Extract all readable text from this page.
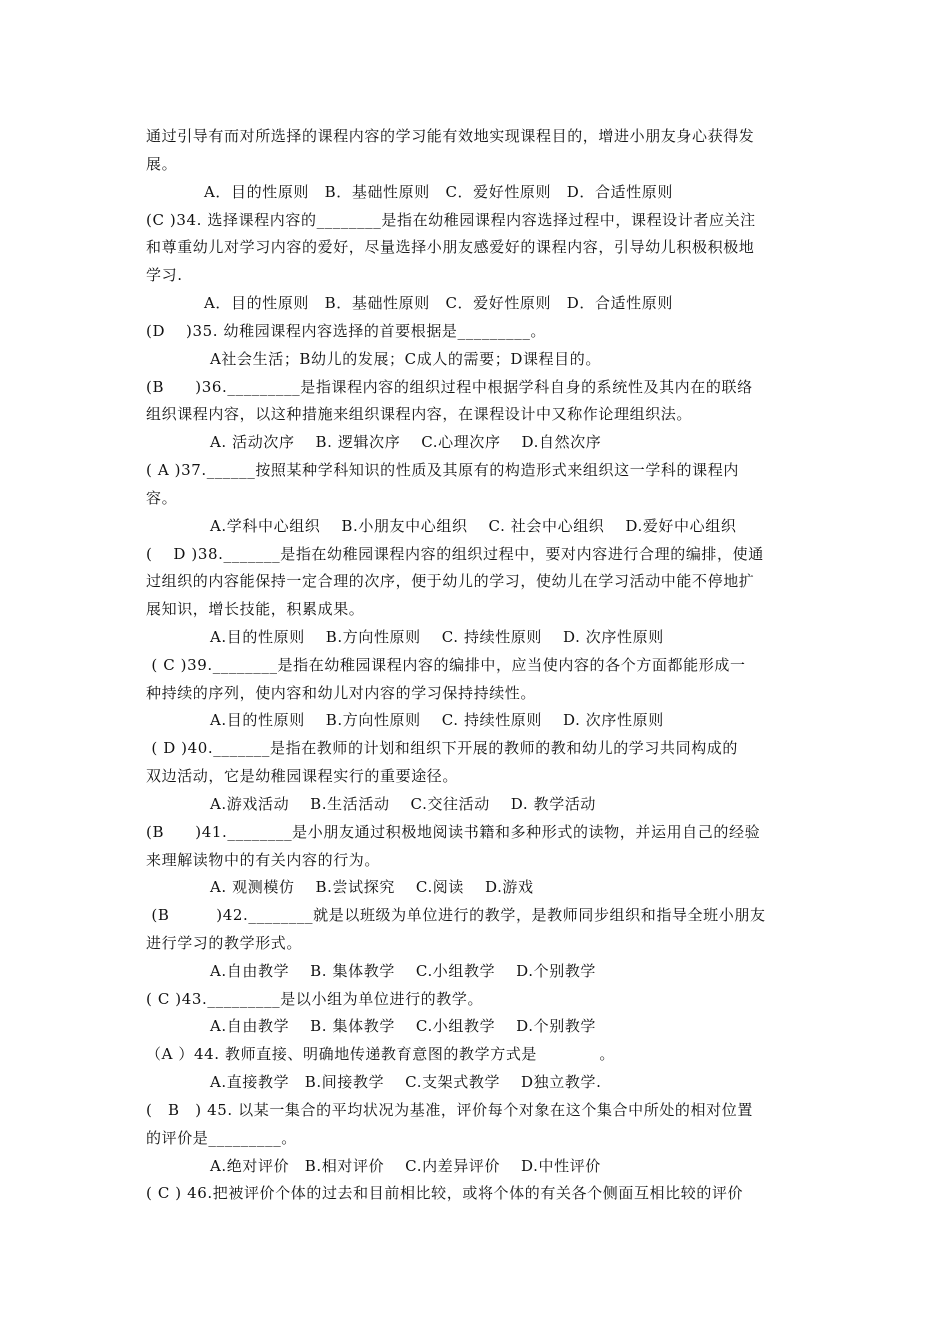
通过引导有而对所选择的课程内容的学习能有效地实现课程目的，增进小朋友身心获得发
展。
A．目的性原则　B．基础性原则　C．爱好性原则　D．合适性原则
(C )34. 选择课程内容的________是指在幼稚园课程内容选择过程中，课程设计者应关注
和尊重幼儿对学习内容的爱好，尽量选择小朋友感爱好的课程内容，引导幼儿积极积极地
学习.
A．目的性原则　B．基础性原则　C．爱好性原则　D．合适性原则
(D　 )35. 幼稚园课程内容选择的首要根据是_________。
A社会生活；B幼儿的发展；C成人的需要；D课程目的。
(B　　)36._________是指课程内容的组织过程中根据学科自身的系统性及其内在的联络
组织课程内容，以这种措施来组织课程内容，在课程设计中又称作论理组织法。
A. 活动次序　 B. 逻辑次序　 C.心理次序　 D.自然次序
( A )37.______按照某种学科知识的性质及其原有的构造形式来组织这一学科的课程内
容。
A.学科中心组织　 B.小朋友中心组织　 C. 社会中心组织　 D.爱好中心组织
(　 D )38._______是指在幼稚园课程内容的组织过程中，要对内容进行合理的编排，使通
过组织的内容能保持一定合理的次序，便于幼儿的学习，使幼儿在学习活动中能不停地扩
展知识，增长技能，积累成果。
A.目的性原则　 B.方向性原则　 C. 持续性原则　 D. 次序性原则
( C )39.________是指在幼稚园课程内容的编排中，应当使内容的各个方面都能形成一
种持续的序列，使内容和幼儿对内容的学习保持持续性。
A.目的性原则　 B.方向性原则　 C. 持续性原则　 D. 次序性原则
( D )40._______是指在教师的计划和组织下开展的教师的教和幼儿的学习共同构成的
双边活动，它是幼稚园课程实行的重要途径。
A.游戏活动　 B.生活活动　 C.交往活动　 D. 教学活动
(B　　)41.________是小朋友通过积极地阅读书籍和多种形式的读物，并运用自己的经验
来理解读物中的有关内容的行为。
A. 观测模仿　 B.尝试探究　 C.阅读　 D.游戏
(B　　　)42.________就是以班级为单位进行的教学，是教师同步组织和指导全班小朋友
进行学习的教学形式。
A.自由教学　 B. 集体教学　 C.小组教学　 D.个别教学
( C )43._________是以小组为单位进行的教学。
A.自由教学　 B. 集体教学　 C.小组教学　 D.个别教学
（A ）44. 教师直接、明确地传递教育意图的教学方式是　　　　。
A.直接教学　B.间接教学　 C.支架式教学　 D独立教学.
(　B　) 45. 以某一集合的平均状况为基准，评价每个对象在这个集合中所处的相对位置
的评价是_________。
A.绝对评价　B.相对评价　 C.内差异评价　 D.中性评价
( C ) 46.把被评价个体的过去和目前相比较，或将个体的有关各个侧面互相比较的评价
